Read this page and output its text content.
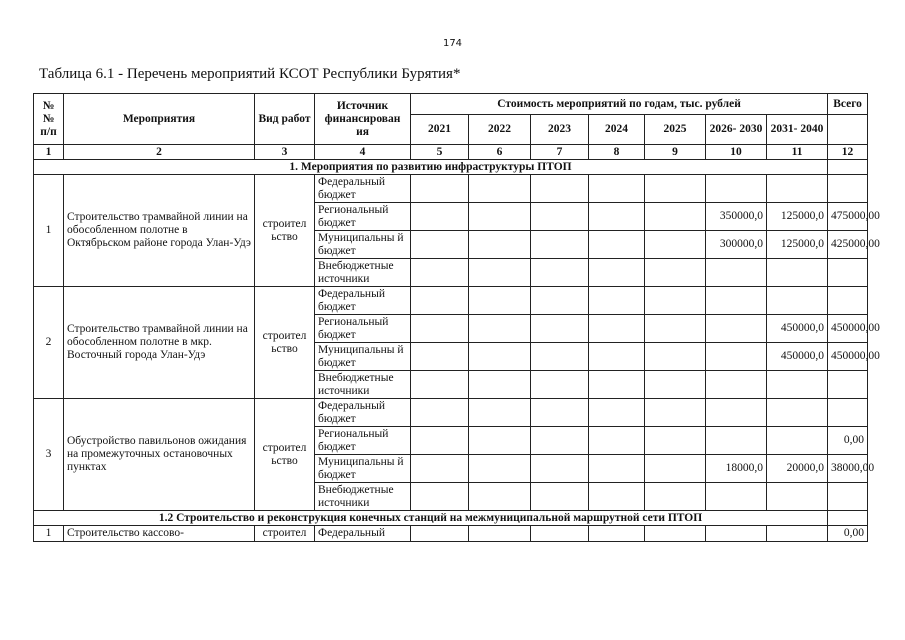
174
Таблица 6.1 - Перечень мероприятий КСОТ Республики Бурятия*
№ № п/п	Мероприятия	Вид работ	Источник финансирован ия	Стоимость мероприятий по годам, тыс. рублей							Всего
				2021	2022	2023	2024	2025	2026- 2030	2031- 2040	
1	2	3	4	5	6	7	8	9	10	11	12
1. Мероприятия по развитию инфраструктуры ПТОП											
1	Строительство трамвайной линии на обособленном полотне в Октябрьском районе города Улан-Удэ	строител ьство	Федеральный бюджет								
			Региональный бюджет						350000,0	125000,0	475000,00
			Муниципальны й бюджет						300000,0	125000,0	425000,00
			Внебюджетные источники								
2	Строительство трамвайной линии на обособленном полотне в мкр. Восточный города Улан-Удэ	строител ьство	Федеральный бюджет								
			Региональный бюджет							450000,0	450000,00
			Муниципальны й бюджет							450000,0	450000,00
			Внебюджетные источники								
3	Обустройство павильонов ожидания на промежуточных остановочных пунктах	строител ьство	Федеральный бюджет								
			Региональный бюджет								0,00
			Муниципальны й бюджет						18000,0	20000,0	38000,00
			Внебюджетные источники								
1.2 Строительство и реконструкция конечных станций на межмуниципальной маршрутной сети ПТОП											
1	Строительство кассово-	строител	Федеральный								0,00
